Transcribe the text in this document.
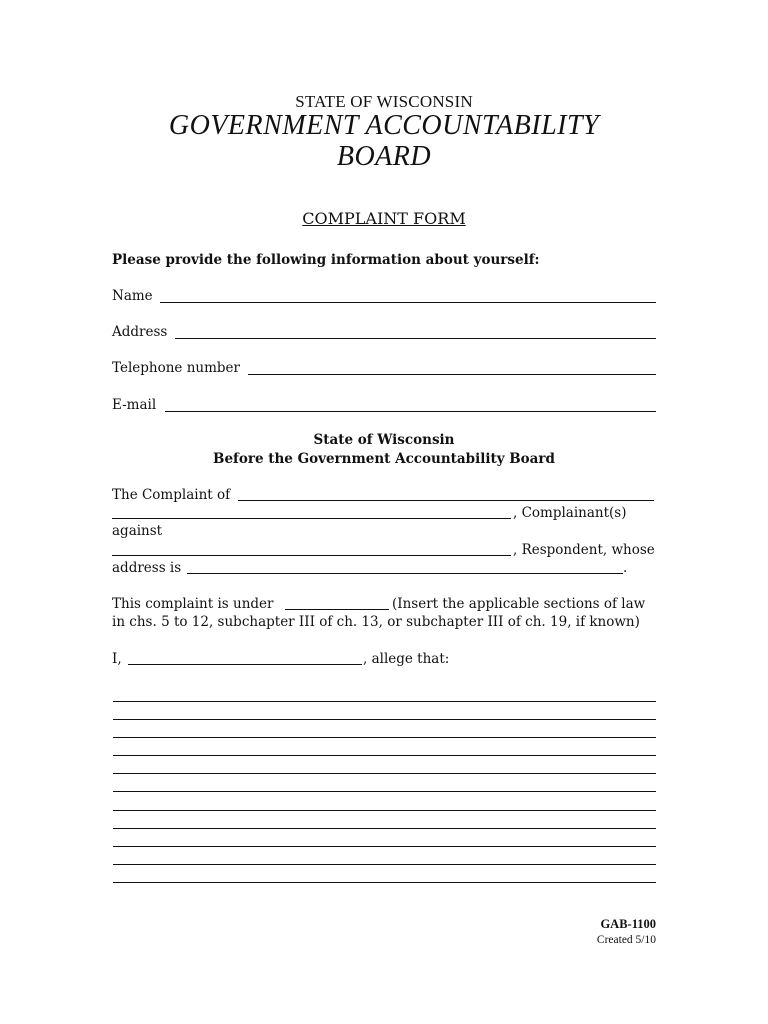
STATE OF WISCONSIN
GOVERNMENT ACCOUNTABILITY
BOARD
COMPLAINT FORM
Please provide the following information about yourself:
Name
Address
Telephone number
E-mail
State of Wisconsin
Before the Government Accountability Board
The Complaint of
, Complainant(s)
against
, Respondent, whose
address is	.
This complaint is under	(Insert the applicable sections of law
in chs. 5 to 12, subchapter III of ch. 13, or subchapter III of ch. 19, if known)
I,	, allege that:
GAB-1100
Created 5/10
